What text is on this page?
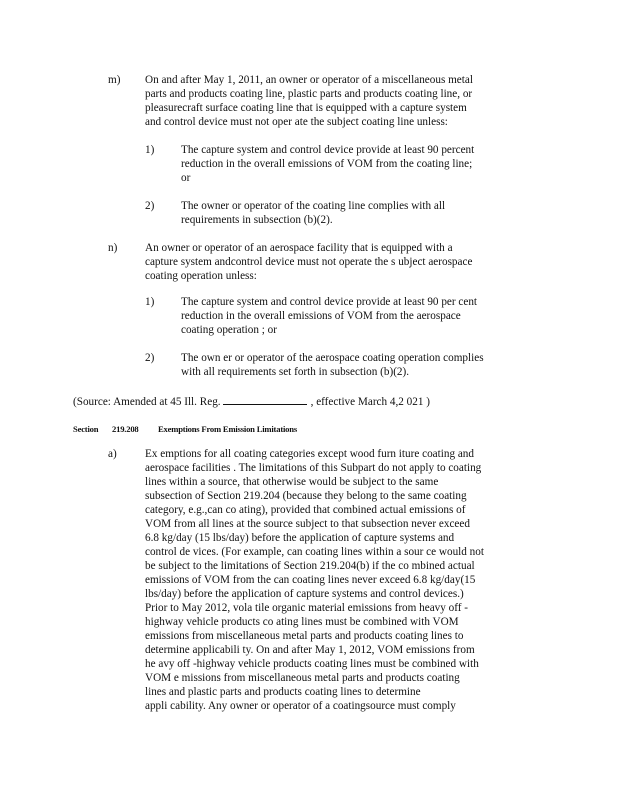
m) On and after May 1, 2011, an owner or operator of a miscellaneous metal
parts and products coating line, plastic parts and products coating line, or
pleasurecraft surface coating line that is equipped with a capture system
and control device must not oper ate the subject coating line unless:
1) The capture system and control device provide at least 90 percent
reduction in the overall emissions of VOM from the coating line;
or
2) The owner or operator of the coating line complies with all
requirements in subsection (b)(2).
n) An owner or operator of an aerospace facility that is equipped with a
capture system andcontrol device must not operate the s ubject aerospace
coating operation unless:
1) The capture system and control device provide at least 90 per cent
reduction in the overall emissions of VOM from the aerospace
coating operation ; or
2) The own er or operator of the aerospace coating operation complies
with all requirements set forth in subsection (b)(2).
(Source: Amended at 45 Ill. Reg.	, effective March 4,2 021 )
Section 219.208 Exemptions From Emission Limitations
a)	Ex emptions for all coating categories except wood furn iture coating and
aerospace facilities . The limitations of this Subpart do not apply to coating
lines within a source, that otherwise would be subject to the same
subsection of Section 219.204 (because they belong to the same coating
category, e.g.,can co ating), provided that combined actual emissions of
VOM from all lines at the source subject to that subsection never exceed
6.8 kg/day (15 lbs/day) before the application of capture systems and
control de vices. (For example, can coating lines within a sour ce would not
be subject to the limitations of Section 219.204(b) if the co mbined actual
emissions of VOM from the can coating lines never exceed 6.8 kg/day(15
lbs/day) before the application of capture systems and control devices.)
Prior to May 2012, vola tile organic material emissions from heavy off -
highway vehicle products co ating lines must be combined with VOM
emissions from miscellaneous metal parts and products coating lines to
determine applicabili ty. On and after May 1, 2012, VOM emissions from
he avy off -highway vehicle products coating lines must be combined with
VOM e missions from miscellaneous metal parts and products coating
lines and plastic parts and products coating lines to determine
appli cability. Any owner or operator of a coatingsource must comply
